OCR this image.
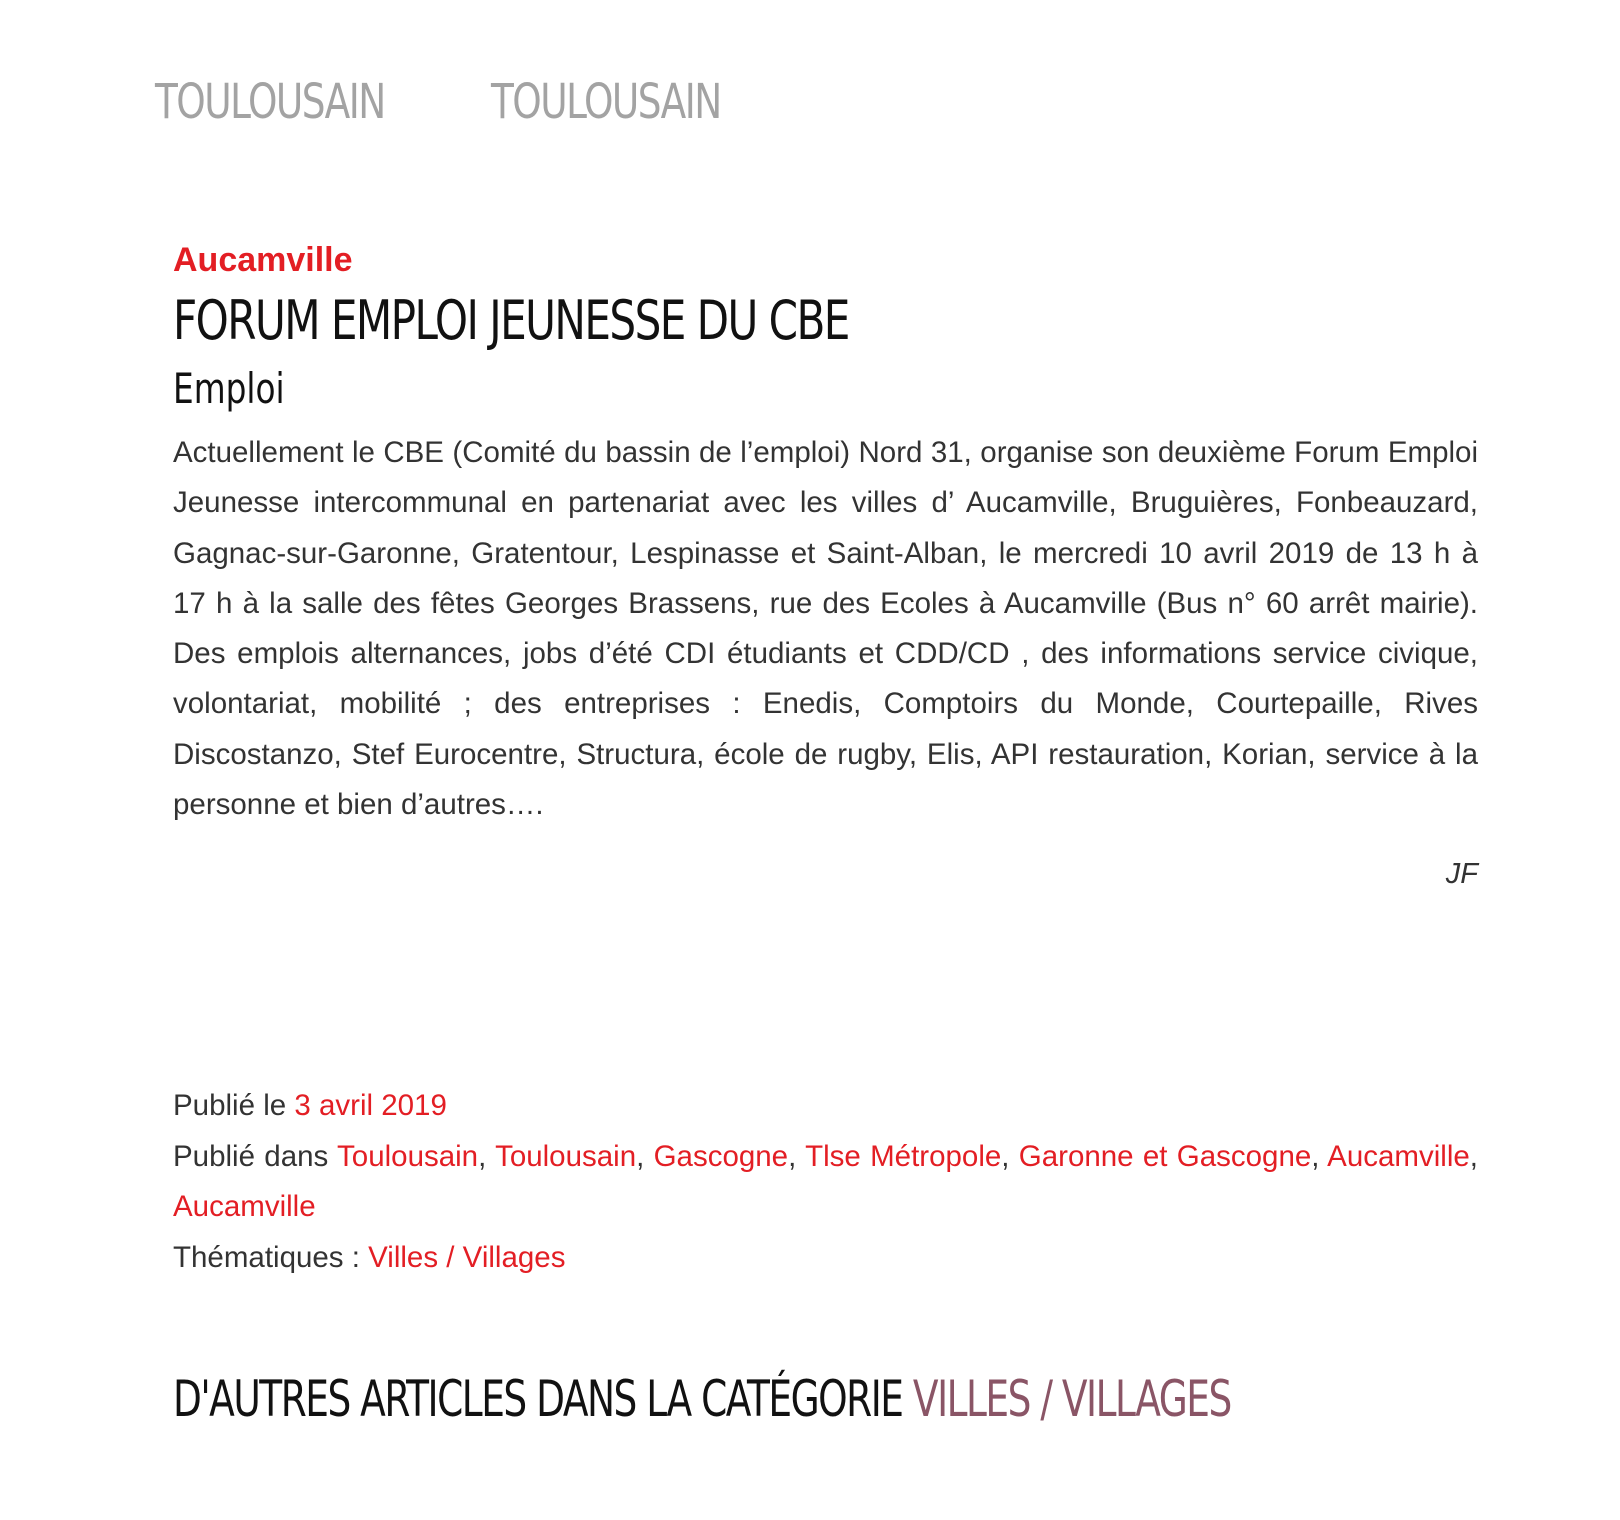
TOULOUSAIN TOULOUSAIN

Aucamville

FORUM EMPLOI JEUNESSE DU CBE
Emploi

Actuellement le CBE (Comité du bassin de l’emploi) Nord 31, organise son deuxième Forum Emploi Jeunesse intercommunal en partenariat avec les villes d’ Aucamville, Bruguières, Fonbeauzard, Gagnac-sur-Garonne, Gratentour, Lespinasse et Saint-Alban, le mercredi 10 avril 2019 de 13 h à 17 h à la salle des fêtes Georges Brassens, rue des Ecoles à Aucamville (Bus n° 60 arrêt mairie). Des emplois alternances, jobs d’été CDI étudiants et CDD/CD , des informations service civique, volontariat, mobilité ; des entreprises : Enedis, Comptoirs du Monde, Courtepaille, Rives Discostanzo, Stef Eurocentre, Structura, école de rugby, Elis, API restauration, Korian, service à la personne et bien d’autres….

JF

Publié le 3 avril 2019

Publié dans Toulousain, Toulousain, Gascogne, Tlse Métropole, Garonne et Gascogne, Aucamville, Aucamville

Thématiques : Villes / Villages

D'AUTRES ARTICLES DANS LA CATÉGORIE VILLES / VILLAGES
